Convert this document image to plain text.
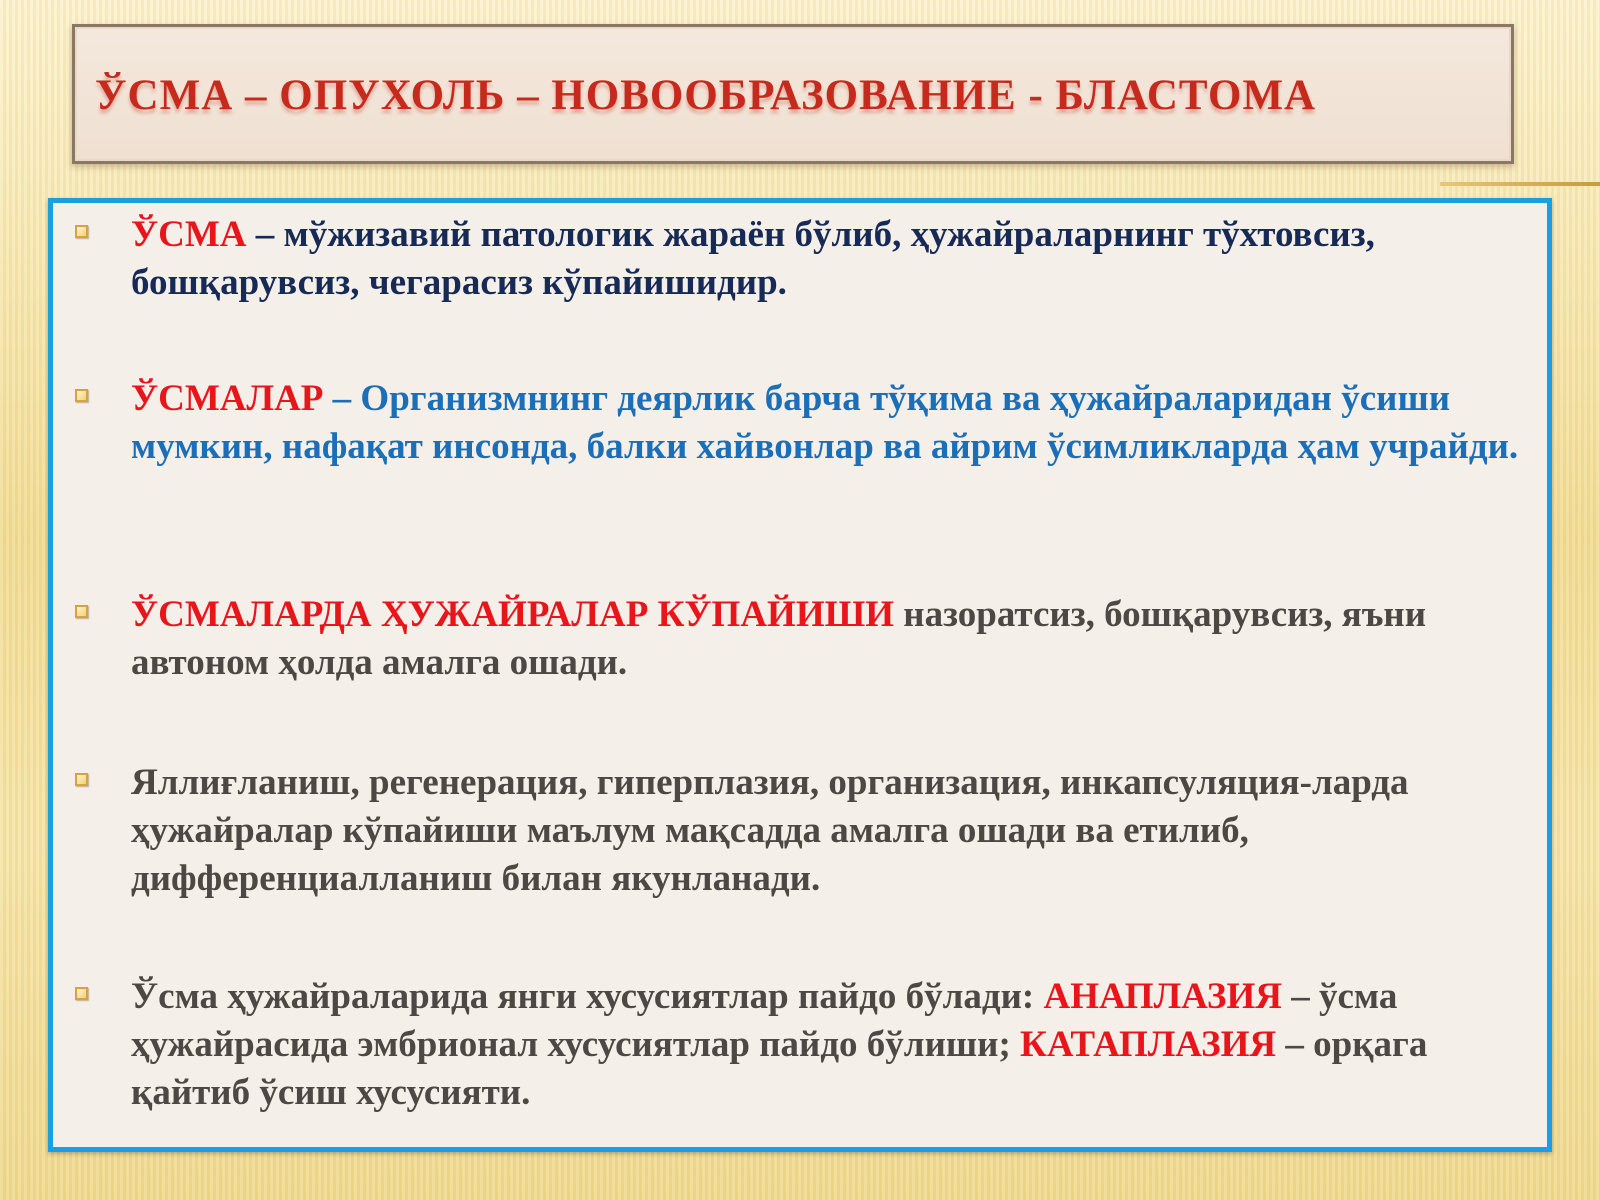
ЎСМА – ОПУХОЛЬ – НОВООБРАЗОВАНИЕ - БЛАСТОМА

ЎСМА – мўжизавий патологик жараён бўлиб, ҳужайраларнинг тўхтовсиз, бошқарувсиз, чегарасиз кўпайишидир.

ЎСМАЛАР – Организмнинг деярлик барча тўқима ва ҳужайраларидан ўсиши мумкин, нафақат инсонда, балки хайвонлар ва айрим ўсимликларда ҳам учрайди.

ЎСМАЛАРДА ҲУЖАЙРАЛАР КЎПАЙИШИ назоратсиз, бошқарувсиз, яъни автоном ҳолда амалга ошади.

Яллиғланиш, регенерация, гиперплазия, организация, инкапсуляция-ларда ҳужайралар кўпайиши маълум мақсадда амалга ошади ва етилиб, дифференциалланиш билан якунланади.

Ўсма ҳужайраларида янги хусусиятлар пайдо бўлади: АНАПЛАЗИЯ – ўсма ҳужайрасида эмбрионал хусусиятлар пайдо бўлиши; КАТАПЛАЗИЯ – орқага қайтиб ўсиш хусусияти.
